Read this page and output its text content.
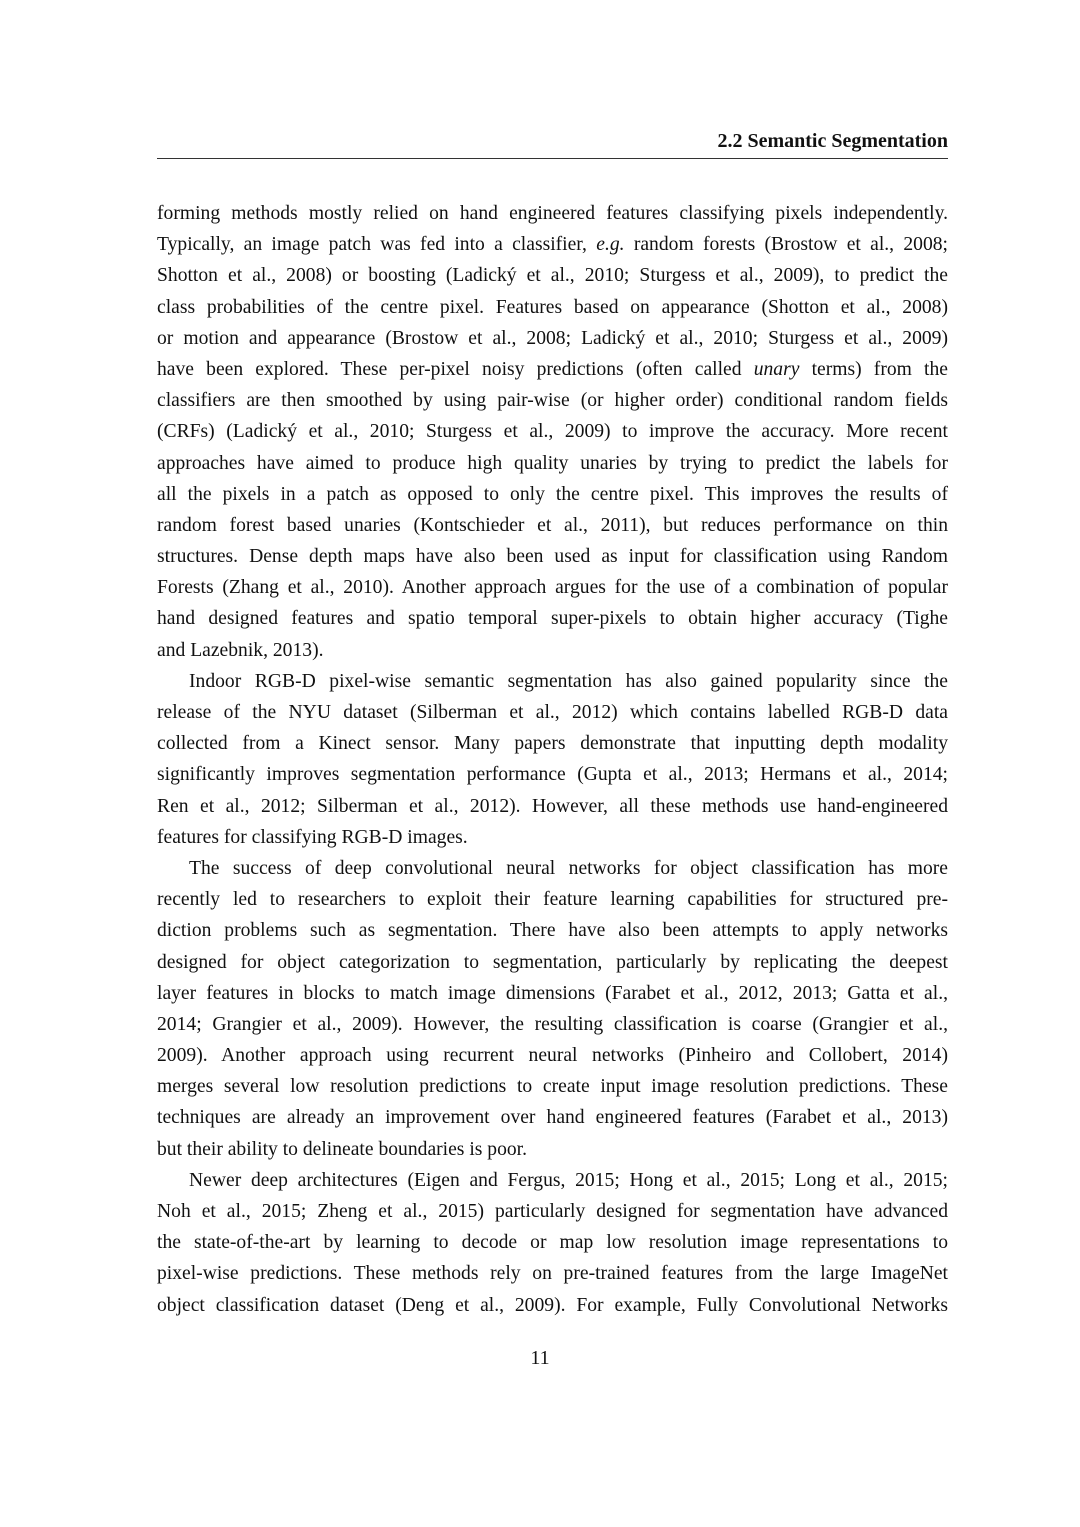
2.2 Semantic Segmentation
forming methods mostly relied on hand engineered features classifying pixels independently.
Typically, an image patch was fed into a classifier, e.g. random forests (Brostow et al., 2008;
Shotton et al., 2008) or boosting (Ladický et al., 2010; Sturgess et al., 2009), to predict the
class probabilities of the centre pixel. Features based on appearance (Shotton et al., 2008)
or motion and appearance (Brostow et al., 2008; Ladický et al., 2010; Sturgess et al., 2009)
have been explored. These per-pixel noisy predictions (often called unary terms) from the
classifiers are then smoothed by using pair-wise (or higher order) conditional random fields
(CRFs) (Ladický et al., 2010; Sturgess et al., 2009) to improve the accuracy. More recent
approaches have aimed to produce high quality unaries by trying to predict the labels for
all the pixels in a patch as opposed to only the centre pixel. This improves the results of
random forest based unaries (Kontschieder et al., 2011), but reduces performance on thin
structures. Dense depth maps have also been used as input for classification using Random
Forests (Zhang et al., 2010). Another approach argues for the use of a combination of popular
hand designed features and spatio temporal super-pixels to obtain higher accuracy (Tighe
and Lazebnik, 2013).
Indoor RGB-D pixel-wise semantic segmentation has also gained popularity since the
release of the NYU dataset (Silberman et al., 2012) which contains labelled RGB-D data
collected from a Kinect sensor. Many papers demonstrate that inputting depth modality
significantly improves segmentation performance (Gupta et al., 2013; Hermans et al., 2014;
Ren et al., 2012; Silberman et al., 2012). However, all these methods use hand-engineered
features for classifying RGB-D images.
The success of deep convolutional neural networks for object classification has more
recently led to researchers to exploit their feature learning capabilities for structured pre-
diction problems such as segmentation. There have also been attempts to apply networks
designed for object categorization to segmentation, particularly by replicating the deepest
layer features in blocks to match image dimensions (Farabet et al., 2012, 2013; Gatta et al.,
2014; Grangier et al., 2009). However, the resulting classification is coarse (Grangier et al.,
2009). Another approach using recurrent neural networks (Pinheiro and Collobert, 2014)
merges several low resolution predictions to create input image resolution predictions. These
techniques are already an improvement over hand engineered features (Farabet et al., 2013)
but their ability to delineate boundaries is poor.
Newer deep architectures (Eigen and Fergus, 2015; Hong et al., 2015; Long et al., 2015;
Noh et al., 2015; Zheng et al., 2015) particularly designed for segmentation have advanced
the state-of-the-art by learning to decode or map low resolution image representations to
pixel-wise predictions. These methods rely on pre-trained features from the large ImageNet
object classification dataset (Deng et al., 2009). For example, Fully Convolutional Networks
11
